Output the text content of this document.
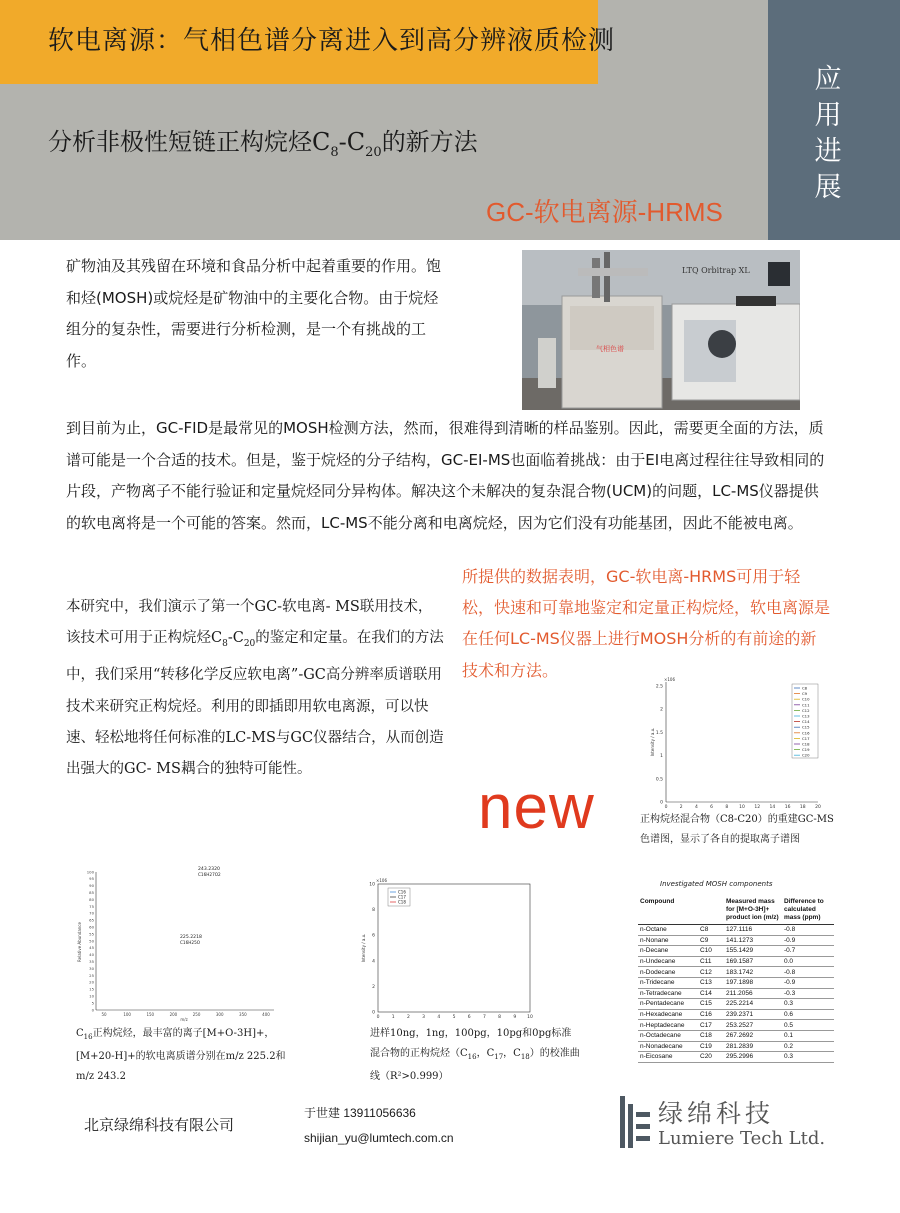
软电离源：气相色谱分离进入到高分辨液质检测
分析非极性短链正构烷烃$C_8-C_{20}$的新方法
GC-软电离源-HRMS
应用进展
矿物油及其残留在环境和食品分析中起着重要的作用。饱和烃(MOSH)或烷烃是矿物油中的主要化合物。由于烷烃组分的复杂性，需要进行分析检测，是一个有挑战的工作。
LTQ Orbitrap XL
气相色谱
到目前为止，GC-FID是最常见的MOSH检测方法，然而，很难得到清晰的样品鉴别。因此，需要更全面的方法，质谱可能是一个合适的技术。但是，鉴于烷烃的分子结构，GC-EI-MS也面临着挑战：由于EI电离过程往往导致相同的片段，产物离子不能行验证和定量烷烃同分异构体。解决这个未解决的复杂混合物(UCM)的问题，LC-MS仪器提供的软电离将是一个可能的答案。然而，LC-MS不能分离和电离烷烃，因为它们没有功能基团，因此不能被电离。
本研究中，我们演示了第一个GC-软电离- MS联用技术，该技术可用于正构烷烃$C_8-C_{20}$的鉴定和定量。在我们的方法中，我们采用“转移化学反应软电离”-GC高分辨率质谱联用技术来研究正构烷烃。利用的即插即用软电离源，可以快速、轻松地将任何标准的LC-MS与GC仪器结合，从而创造出强大的GC- MS耦合的独特可能性。
所提供的数据表明，GC-软电离-HRMS可用于轻松，快速和可靠地鉴定和定量正构烷烃，软电离源是在任何LC-MS仪器上进行MOSH分析的有前途的新技术和方法。
new
×106
0
0.5
1
1.5
2
2.5
0	2	4	6	8 10 12 14 16 18 20
Intensity / a.u.
C8
C9
C10
C11
C12
C13
C14
C15
C16
C17
C18
C19
C20
正构烷烃混合物（C8-C20）的重建GC-MS色谱图，显示了各自的提取离子谱图
100
95
90
85
80
75
70
65
60
55
50
45
40
35
30
25
20
15
10
5
0
50	100	150	200	250	300	350	400
m/z
Relative Abundance
243.2320
C16H27O2
225.2218
C16H25O
$C_{16}$正构烷烃，最丰富的离子[M+O-3H]+，[M+20-H]+的软电离质谱分别在m/z 225.2和m/z 243.2
×106
0
2
4
6
8
10
0	1	2	3	4	5	6	7	8	9 10
Intensity / a.u.
C16
C17
C18
进样10ng，1ng，100pg，10pg和0pg标准混合物的正构烷烃（$C_{16}$，$C_{17}$，$C_{18}$）的校准曲线（R²>0.999）
Investigated MOSH components
Compound		Measured mass for [M+O-3H]+ product ion (m/z)	Difference to calculated mass (ppm)
n-Octane	C8	127.1116	-0.8
n-Nonane	C9	141.1273	-0.9
n-Decane	C10	155.1429	-0.7
n-Undecane	C11	169.1587	0.0
n-Dodecane	C12	183.1742	-0.8
n-Tridecane	C13	197.1898	-0.9
n-Tetradecane	C14	211.2056	-0.3
n-Pentadecane	C15	225.2214	0.3
n-Hexadecane	C16	239.2371	0.6
n-Heptadecane	C17	253.2527	0.5
n-Octadecane	C18	267.2692	0.1
n-Nonadecane	C19	281.2839	0.2
n-Eicosane	C20	295.2996	0.3
北京绿绵科技有限公司
于世建 13911056636
shijian_yu@lumtech.com.cn
绿绵科技
Lumiere Tech Ltd.
